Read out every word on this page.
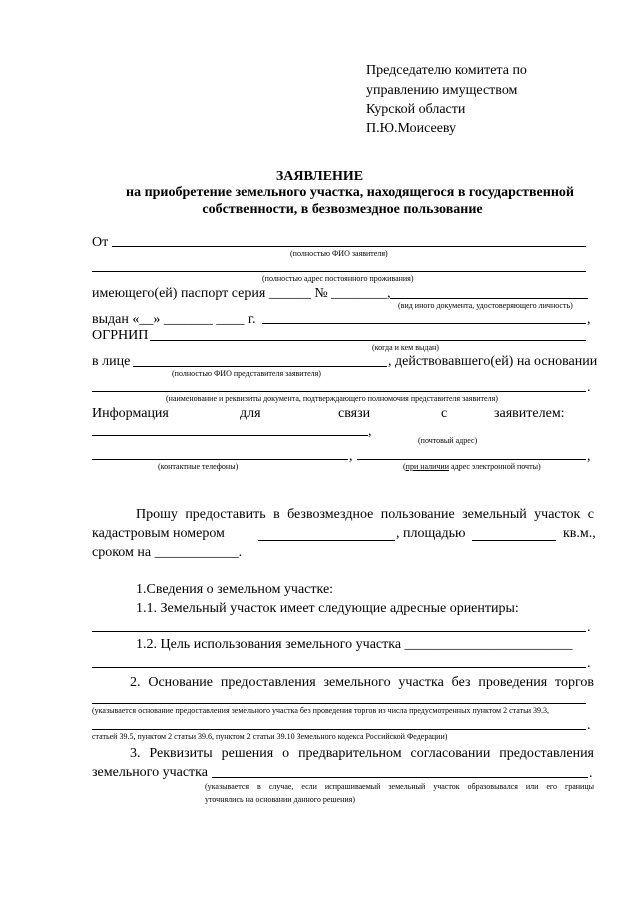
Председателю комитета по
управлению имуществом
Курской области
П.Ю.Моисееву
ЗАЯВЛЕНИЕ
на приобретение земельного участка, находящегося в государственной
собственности, в безвозмездное пользование
От
(полностью ФИО заявителя)
(полностью адрес постоянного проживания)
имеющего(ей) паспорт серия ______ № ________,
(вид иного документа, удостоверяющего личность)
выдан «__» _______ ____ г.	,
ОГРНИП
(когда и кем выдан)
в лице	, действовавшего(ей) на основании
(полностью ФИО представителя заявителя)
.
(наименование и реквизиты документа, подтверждающего полномочия представителя заявителя)
Информация	для	связи	с	заявителем:
,
(почтовый адрес)
,	,
(контактные телефоны)	(при наличии адрес электронной почты)
Прошу предоставить в безвозмездное пользование земельный участок с
кадастровым номером	, площадью	кв.м.,
сроком на ____________.
1.Сведения о земельном участке:
1.1. Земельный участок имеет следующие адресные ориентиры:
.
1.2. Цель использования земельного участка ________________________
.
2. Основание предоставления земельного участка без проведения торгов
(указывается основание предоставления земельного участка без проведения торгов из числа предусмотренных пунктом 2 статьи 39.3,
.
статьей 39.5, пунктом 2 статьи 39.6, пунктом 2 статьи 39.10 Земельного кодекса Российской Федерации)
3. Реквизиты решения о предварительном согласовании предоставления
земельного участка	.
(указывается в случае, если испрашиваемый земельный участок образовывался или его границы
уточнялись на основании данного решения)
